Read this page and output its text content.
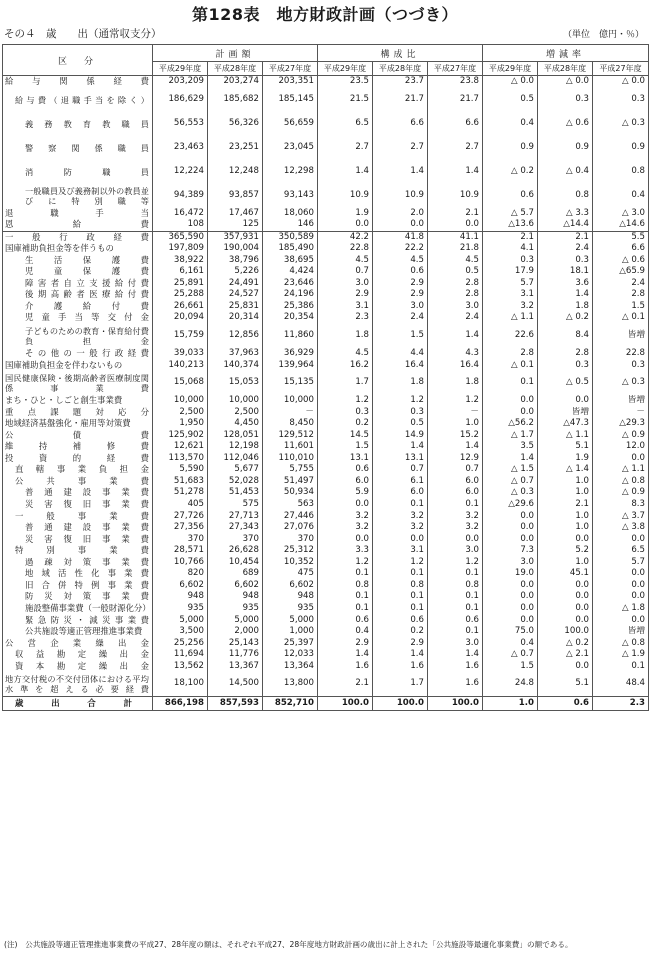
第128表　地方財政計画（つづき）
その４　歳　　出（通常収支分）	（単位　億円・％）
区　分	計画額			構成比			増減率		
	平成29年度	平成28年度	平成27年度	平成29年度	平成28年度	平成27年度	平成29年度	平成28年度	平成27年度
給与関係経費	203,209	203,274	203,351	23.5	23.7	23.8	△ 0.0	△ 0.0	△ 0.0
給与費（退職手当を除く）	186,629	185,682	185,145	21.5	21.7	21.7	0.5	0.3	0.3
義務教育教職員	56,553	56,326	56,659	6.5	6.6	6.6	0.4	△ 0.6	△ 0.3
警察関係職員	23,463	23,251	23,045	2.7	2.7	2.7	0.9	0.9	0.9
消防職員	12,224	12,248	12,298	1.4	1.4	1.4	△ 0.2	△ 0.4	0.8
一般職員及び義務制以外の教員並びに特別職等	94,389	93,857	93,143	10.9	10.9	10.9	0.6	0.8	0.4
退職手当	16,472	17,467	18,060	1.9	2.0	2.1	△ 5.7	△ 3.3	△ 3.0
恩給費	108	125	146	0.0	0.0	0.0	△13.6	△14.4	△14.6
一般行政経費	365,590	357,931	350,589	42.2	41.8	41.1	2.1	2.1	5.5
国庫補助負担金等を伴うもの	197,809	190,004	185,490	22.8	22.2	21.8	4.1	2.4	6.6
生活保護費	38,922	38,796	38,695	4.5	4.5	4.5	0.3	0.3	△ 0.6
児童保護費	6,161	5,226	4,424	0.7	0.6	0.5	17.9	18.1	△65.9
障害者自立支援給付費	25,891	24,491	23,646	3.0	2.9	2.8	5.7	3.6	2.4
後期高齢者医療給付費	25,288	24,527	24,196	2.9	2.9	2.8	3.1	1.4	2.8
介護給付費	26,661	25,831	25,386	3.1	3.0	3.0	3.2	1.8	1.5
児童手当等交付金	20,094	20,314	20,354	2.3	2.4	2.4	△ 1.1	△ 0.2	△ 0.1
子どものための教育・保育給付費負担金	15,759	12,856	11,860	1.8	1.5	1.4	22.6	8.4	皆増
その他の一般行政経費	39,033	37,963	36,929	4.5	4.4	4.3	2.8	2.8	22.8
国庫補助負担金を伴わないもの	140,213	140,374	139,964	16.2	16.4	16.4	△ 0.1	0.3	0.3
国民健康保険・後期高齢者医療制度関係事業費	15,068	15,053	15,135	1.7	1.8	1.8	0.1	△ 0.5	△ 0.3
まち・ひと・しごと創生事業費	10,000	10,000	10,000	1.2	1.2	1.2	0.0	0.0	皆増
重点課題対応分	2,500	2,500	－	0.3	0.3	－	0.0	皆増	－
地域経済基盤強化・雇用等対策費	1,950	4,450	8,450	0.2	0.5	1.0	△56.2	△47.3	△29.3
公債費	125,902	128,051	129,512	14.5	14.9	15.2	△ 1.7	△ 1.1	△ 0.9
維持補修費	12,621	12,198	11,601	1.5	1.4	1.4	3.5	5.1	12.0
投資的経費	113,570	112,046	110,010	13.1	13.1	12.9	1.4	1.9	0.0
直轄事業負担金	5,590	5,677	5,755	0.6	0.7	0.7	△ 1.5	△ 1.4	△ 1.1
公共事業費	51,683	52,028	51,497	6.0	6.1	6.0	△ 0.7	1.0	△ 0.8
普通建設事業費	51,278	51,453	50,934	5.9	6.0	6.0	△ 0.3	1.0	△ 0.9
災害復旧事業費	405	575	563	0.0	0.1	0.1	△29.6	2.1	8.3
一般事業費	27,726	27,713	27,446	3.2	3.2	3.2	0.0	1.0	△ 3.7
普通建設事業費	27,356	27,343	27,076	3.2	3.2	3.2	0.0	1.0	△ 3.8
災害復旧事業費	370	370	370	0.0	0.0	0.0	0.0	0.0	0.0
特別事業費	28,571	26,628	25,312	3.3	3.1	3.0	7.3	5.2	6.5
過疎対策事業費	10,766	10,454	10,352	1.2	1.2	1.2	3.0	1.0	5.7
地域活性化事業費	820	689	475	0.1	0.1	0.1	19.0	45.1	0.0
旧合併特例事業費	6,602	6,602	6,602	0.8	0.8	0.8	0.0	0.0	0.0
防災対策事業費	948	948	948	0.1	0.1	0.1	0.0	0.0	0.0
施設整備事業費（一般財源化分）	935	935	935	0.1	0.1	0.1	0.0	0.0	△ 1.8
緊急防災・減災事業費	5,000	5,000	5,000	0.6	0.6	0.6	0.0	0.0	0.0
公共施設等適正管理推進事業費	3,500	2,000	1,000	0.4	0.2	0.1	75.0	100.0	皆増
公営企業繰出金	25,256	25,143	25,397	2.9	2.9	3.0	0.4	△ 0.2	△ 0.8
収益勘定繰出金	11,694	11,776	12,033	1.4	1.4	1.4	△ 0.7	△ 2.1	△ 1.9
資本勘定繰出金	13,562	13,367	13,364	1.6	1.6	1.6	1.5	0.0	0.1
地方交付税の不交付団体における平均水準を超える必要経費	18,100	14,500	13,800	2.1	1.7	1.6	24.8	5.1	48.4
歳出合計	866,198	857,593	852,710	100.0	100.0	100.0	1.0	0.6	2.3
(注)　公共施設等適正管理推進事業費の平成27、28年度の額は、それぞれ平成27、28年度地方財政計画の歳出に計上された「公共施設等最適化事業費」の額である。
